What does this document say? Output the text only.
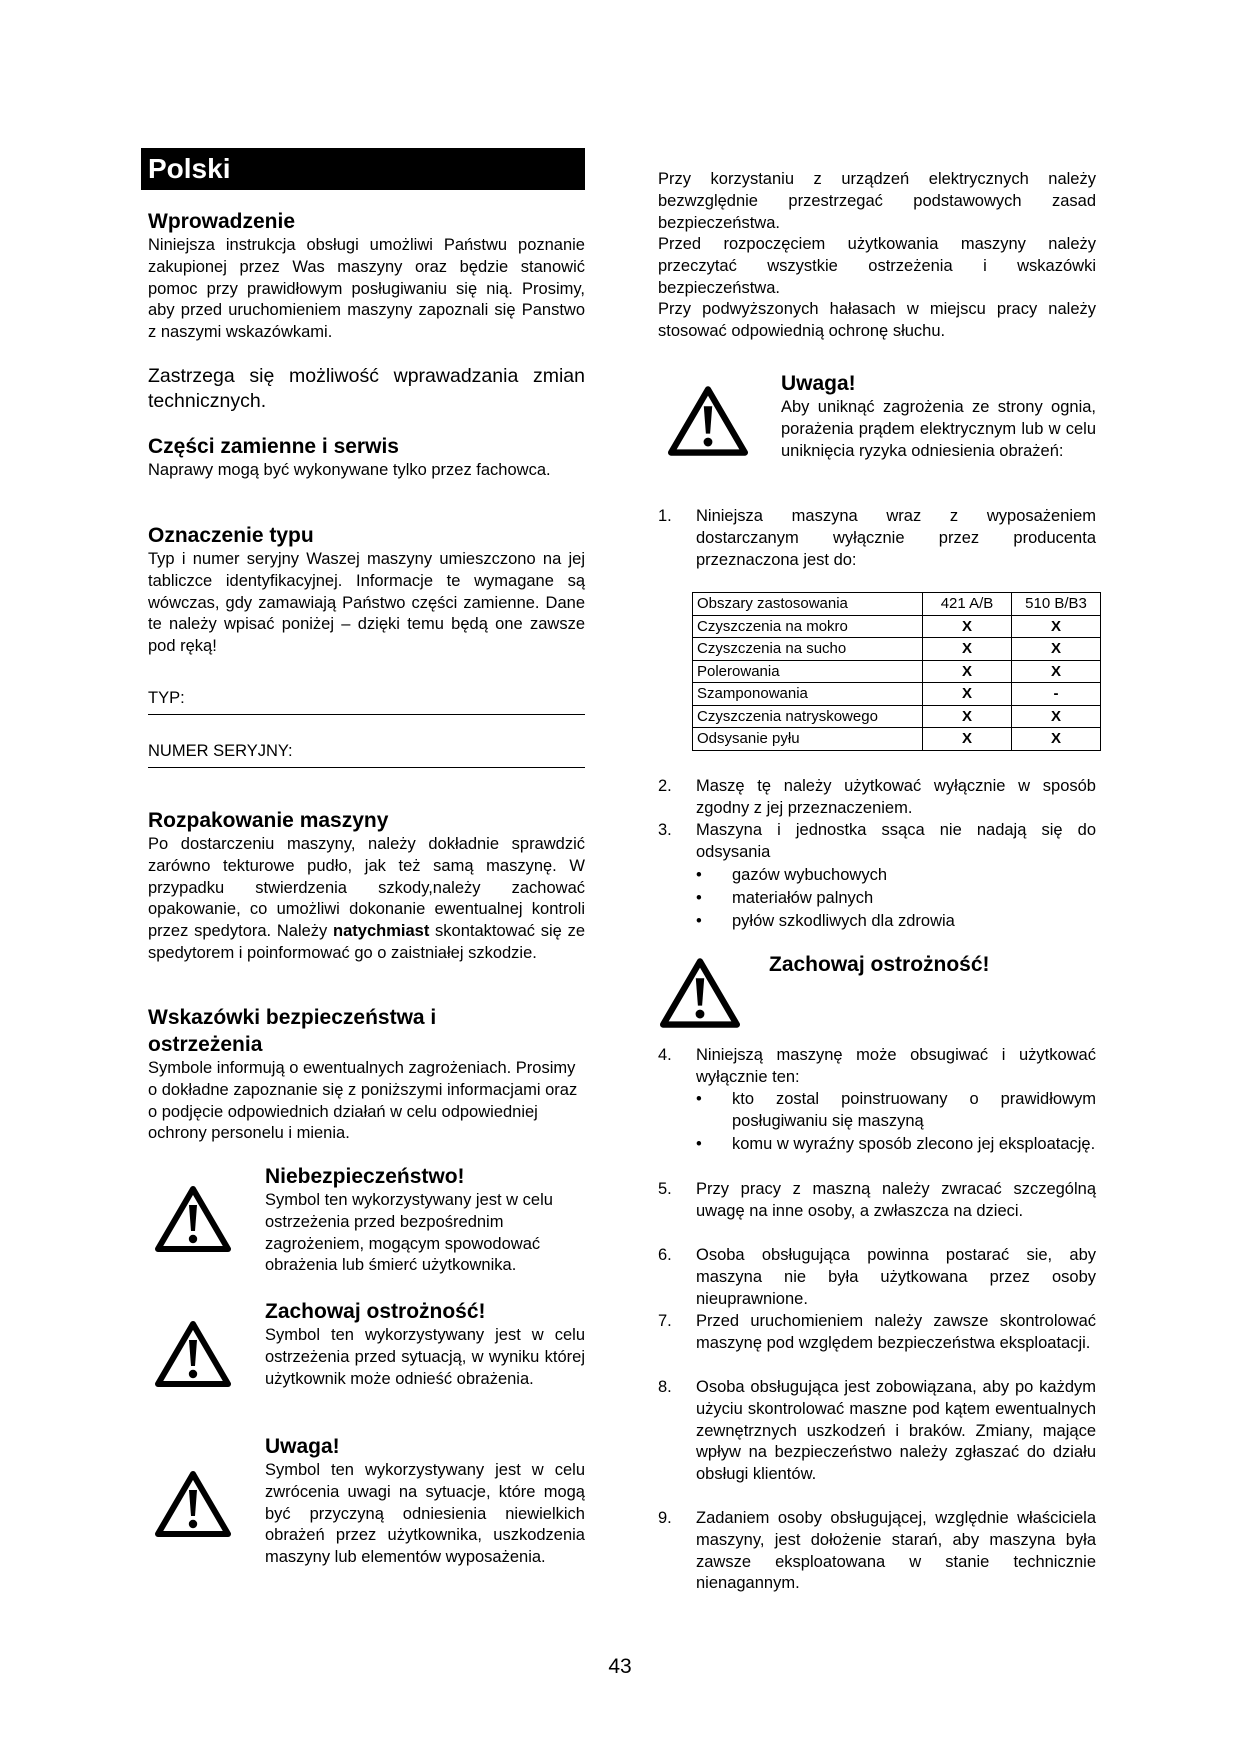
Polski
Wprowadzenie
Niniejsza instrukcja obsługi umożliwi Państwu poznanie zakupionej przez Was maszyny oraz będzie stanowić pomoc przy prawidłowym posługiwaniu się nią. Prosimy, aby przed uruchomieniem maszyny zapoznali się Panstwo z naszymi wskazówkami.
Zastrzega się możliwość wprawadzania zmian technicznych.
Części zamienne i serwis
Naprawy mogą być wykonywane tylko przez fachowca.
Oznaczenie typu
Typ i numer seryjny Waszej maszyny umieszczono na jej tabliczce identyfikacyjnej. Informacje te wymagane są wówczas, gdy zamawiają Państwo części zamienne. Dane te należy wpisać poniżej – dzięki temu będą one zawsze pod ręką!
TYP:
NUMER SERYJNY:
Rozpakowanie maszyny
Po dostarczeniu maszyny, należy dokładnie sprawdzić zarówno tekturowe pudło, jak też samą maszynę. W przypadku stwierdzenia szkody,należy zachować opakowanie, co umożliwi dokonanie ewentualnej kontroli przez spedytora. Należy natychmiast skontaktować się ze spedytorem i poinformować go o zaistniałej szkodzie.
Wskazówki bezpieczeństwa i
ostrzeżenia
Symbole informują o ewentualnych zagrożeniach. Prosimy o dokładne zapoznanie się z poniższymi informacjami oraz o podjęcie odpowiednich działań w celu odpowiedniej ochrony personelu i mienia.
Niebezpieczeństwo!
Symbol ten wykorzystywany jest w celu ostrzeżenia przed bezpośrednim zagrożeniem, mogącym spowodować obrażenia lub śmierć użytkownika.
Zachowaj ostrożność!
Symbol ten wykorzystywany jest w celu ostrzeżenia przed sytuacją, w wyniku której użytkownik może odnieść obrażenia.
Uwaga!
Symbol ten wykorzystywany jest w celu zwrócenia uwagi na sytuacje, które mogą być przyczyną odniesienia niewielkich obrażeń przez użytkownika, uszkodzenia maszyny lub elementów wyposażenia.
Przy korzystaniu z urządzeń elektrycznych należy bezwzględnie przestrzegać podstawowych zasad bezpieczeństwa.
Przed rozpoczęciem użytkowania maszyny należy przeczytać wszystkie ostrzeżenia i wskazówki bezpieczeństwa.
Przy podwyższonych hałasach w miejscu pracy należy stosować odpowiednią ochronę słuchu.
Uwaga!
Aby uniknąć zagrożenia ze strony ognia, porażenia prądem elektrycznym lub w celu uniknięcia ryzyka odniesienia obrażeń:
1. Niniejsza maszyna wraz z wyposażeniem dostarczanym wyłącznie przez producenta przeznaczona jest do:
Obszary zastosowania	421 A/B	510 B/B3
Czyszczenia na mokro	X	X
Czyszczenia na sucho	X	X
Polerowania	X	X
Szamponowania	X	-
Czyszczenia natryskowego	X	X
Odsysanie pyłu	X	X
2. Maszę tę należy użytkować wyłącznie w sposób zgodny z jej przeznaczeniem.
3. Maszyna i jednostka ssąca nie nadają się do odsysania
• gazów wybuchowych
• materiałów palnych
• pyłów szkodliwych dla zdrowia
Zachowaj ostrożność!
4. Niniejszą maszynę może obsugiwać i użytkować wyłącznie ten:
• kto zostal poinstruowany o prawidłowym posługiwaniu się maszyną
• komu w wyraźny sposób zlecono jej eksploatację.
5. Przy pracy z maszną należy zwracać szczególną uwagę na inne osoby, a zwłaszcza na dzieci.
6. Osoba obsługująca powinna postarać sie, aby maszyna nie była użytkowana przez osoby nieuprawnione.
7. Przed uruchomieniem należy zawsze skontrolować maszynę pod względem bezpieczeństwa eksploatacji.
8. Osoba obsługująca jest zobowiązana, aby po każdym użyciu skontrolować maszne pod kątem ewentualnych zewnętrznych uszkodzeń i braków. Zmiany, mające wpływ na bezpieczeństwo należy zgłaszać do działu obsługi klientów.
9. Zadaniem osoby obsługującej, względnie właściciela maszyny, jest dołożenie starań, aby maszyna była zawsze eksploatowana w stanie technicznie nienagannym.
43
